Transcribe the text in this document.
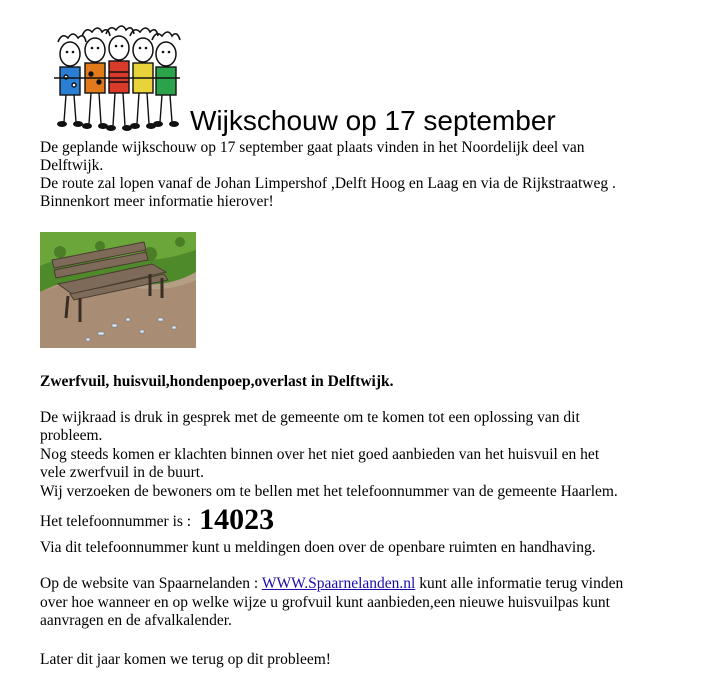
Wijkschouw op 17 september
De geplande wijkschouw op 17 september gaat plaats vinden in het Noordelijk deel van
Delftwijk.
De route zal lopen vanaf de Johan Limpershof ,Delft Hoog en Laag en via de Rijkstraatweg .
Binnenkort meer informatie hierover!
Zwerfvuil, huisvuil,hondenpoep,overlast in Delftwijk.
De wijkraad is druk in gesprek met de gemeente om te komen tot een oplossing van dit
probleem.
Nog steeds komen er klachten binnen over het niet goed aanbieden van het huisvuil en het
vele zwerfvuil in de buurt.
Wij verzoeken de bewoners om te bellen met het telefoonnummer van de gemeente Haarlem.
Het telefoonnummer is : 14023
Via dit telefoonnummer kunt u meldingen doen over de openbare ruimten en handhaving.
Op de website van Spaarnelanden : WWW.Spaarnelanden.nl kunt alle informatie terug vinden
over hoe wanneer en op welke wijze u grofvuil kunt aanbieden,een nieuwe huisvuilpas kunt
aanvragen en de afvalkalender.
Later dit jaar komen we terug op dit probleem!
